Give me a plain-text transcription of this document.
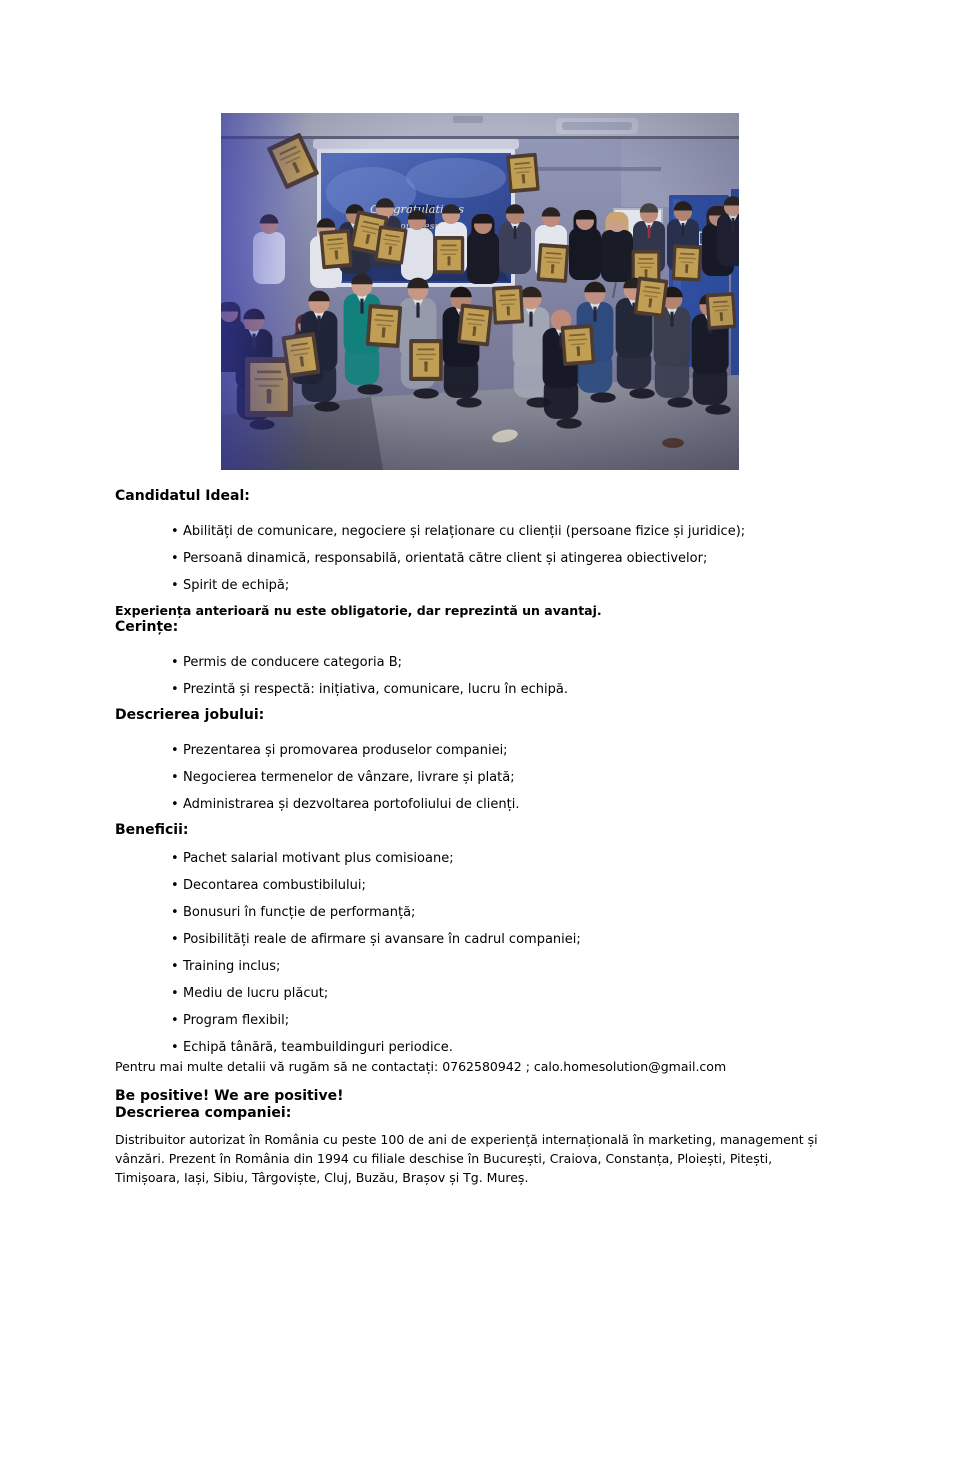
Candidatul Ideal:
• Abilități de comunicare, negociere și relaționare cu clienții (persoane fizice și juridice);
• Persoană dinamică, responsabilă, orientată către client și atingerea obiectivelor;
• Spirit de echipă;

Experiența anterioară nu este obligatorie, dar reprezintă un avantaj.

Cerințe:
• Permis de conducere categoria B;
• Prezintă și respectă: inițiativa, comunicare, lucru în echipă.
Descrierea jobului:
• Prezentarea și promovarea produselor companiei;
• Negocierea termenelor de vânzare, livrare și plată;
• Administrarea și dezvoltarea portofoliului de clienți.
Beneficii:
• Pachet salarial motivant plus comisioane;
• Decontarea combustibilului;
• Bonusuri în funcție de performanță;
• Posibilități reale de afirmare și avansare în cadrul companiei;
• Training inclus;
• Mediu de lucru plăcut;
• Program flexibil;
• Echipă tânără, teambuildinguri periodice.

Pentru mai multe detalii vă rugăm să ne contactați: 0762580942 ; calo.homesolution@gmail.com

Be positive! We are positive!
Descrierea companiei:
Distribuitor autorizat în România cu peste 100 de ani de experiență internațională în marketing, management și
vânzări. Prezent în România din 1994 cu filiale deschise în București, Craiova, Constanța, Ploiești, Pitești,
Timișoara, Iași, Sibiu, Târgoviște, Cluj, Buzău, Brașov și Tg. Mureș.
